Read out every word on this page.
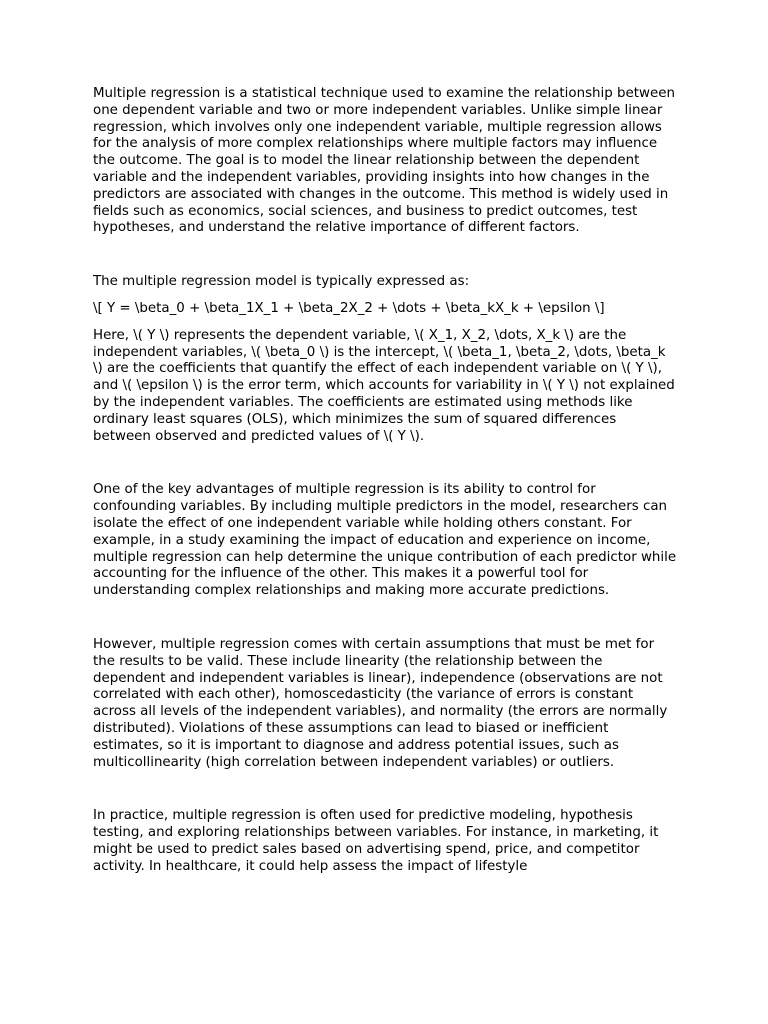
Multiple regression is a statistical technique used to examine the relationship between one dependent variable and two or more independent variables. Unlike simple linear regression, which involves only one independent variable, multiple regression allows for the analysis of more complex relationships where multiple factors may influence the outcome. The goal is to model the linear relationship between the dependent variable and the independent variables, providing insights into how changes in the predictors are associated with changes in the outcome. This method is widely used in fields such as economics, social sciences, and business to predict outcomes, test hypotheses, and understand the relative importance of different factors.

The multiple regression model is typically expressed as:

\[ Y = \beta_0 + \beta_1X_1 + \beta_2X_2 + \dots + \beta_kX_k + \epsilon \]

Here, \( Y \) represents the dependent variable, \( X_1, X_2, \dots, X_k \) are the independent variables, \( \beta_0 \) is the intercept, \( \beta_1, \beta_2, \dots, \beta_k \) are the coefficients that quantify the effect of each independent variable on \( Y \), and \( \epsilon \) is the error term, which accounts for variability in \( Y \) not explained by the independent variables. The coefficients are estimated using methods like ordinary least squares (OLS), which minimizes the sum of squared differences between observed and predicted values of \( Y \).

One of the key advantages of multiple regression is its ability to control for confounding variables. By including multiple predictors in the model, researchers can isolate the effect of one independent variable while holding others constant. For example, in a study examining the impact of education and experience on income, multiple regression can help determine the unique contribution of each predictor while accounting for the influence of the other. This makes it a powerful tool for understanding complex relationships and making more accurate predictions.

However, multiple regression comes with certain assumptions that must be met for the results to be valid. These include linearity (the relationship between the dependent and independent variables is linear), independence (observations are not correlated with each other), homoscedasticity (the variance of errors is constant across all levels of the independent variables), and normality (the errors are normally distributed). Violations of these assumptions can lead to biased or inefficient estimates, so it is important to diagnose and address potential issues, such as multicollinearity (high correlation between independent variables) or outliers.

In practice, multiple regression is often used for predictive modeling, hypothesis testing, and exploring relationships between variables. For instance, in marketing, it might be used to predict sales based on advertising spend, price, and competitor activity. In healthcare, it could help assess the impact of lifestyle
